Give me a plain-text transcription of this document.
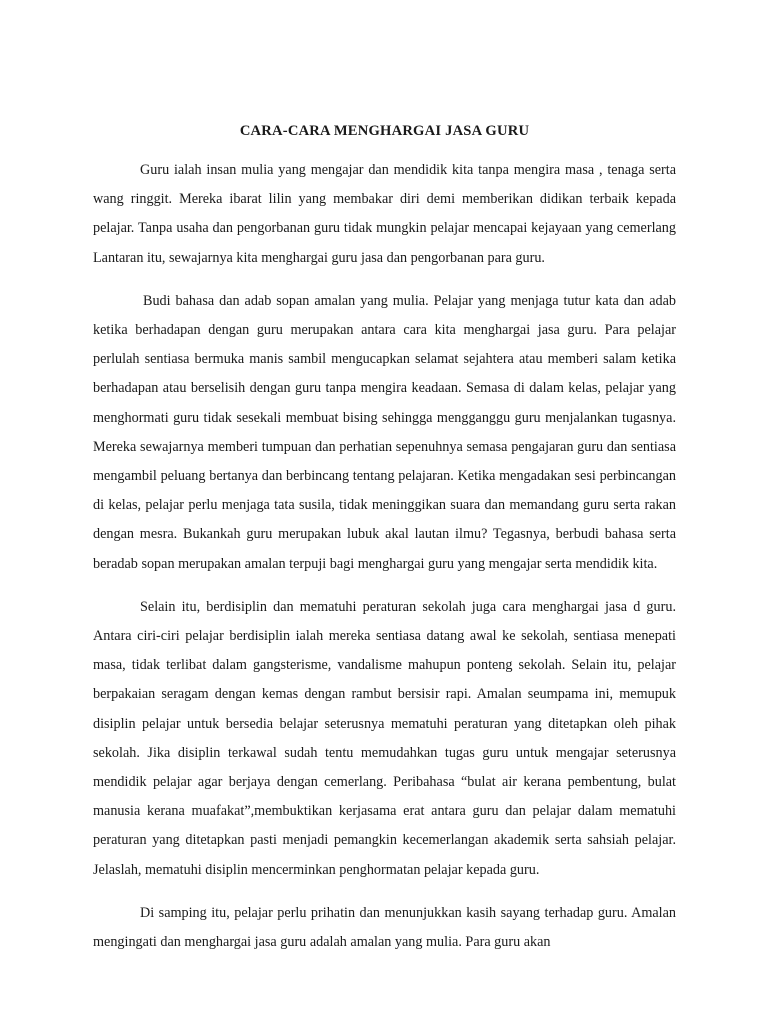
CARA-CARA MENGHARGAI JASA GURU

Guru ialah insan mulia yang mengajar dan mendidik kita tanpa mengira masa , tenaga serta wang ringgit. Mereka ibarat lilin yang membakar diri demi memberikan didikan terbaik kepada pelajar. Tanpa usaha dan pengorbanan guru tidak mungkin pelajar mencapai kejayaan yang cemerlang Lantaran itu, sewajarnya kita menghargai guru jasa dan pengorbanan para guru.

Budi bahasa dan adab sopan amalan yang mulia. Pelajar yang menjaga tutur kata dan adab ketika berhadapan dengan guru merupakan antara cara kita menghargai jasa guru. Para pelajar perlulah sentiasa bermuka manis sambil mengucapkan selamat sejahtera atau memberi salam ketika berhadapan atau berselisih dengan guru tanpa mengira keadaan. Semasa di dalam kelas, pelajar yang menghormati guru tidak sesekali membuat bising sehingga mengganggu guru menjalankan tugasnya. Mereka sewajarnya memberi tumpuan dan perhatian sepenuhnya semasa pengajaran guru dan sentiasa mengambil peluang bertanya dan berbincang tentang pelajaran. Ketika mengadakan sesi perbincangan di kelas, pelajar perlu menjaga tata susila, tidak meninggikan suara dan memandang guru serta rakan dengan mesra. Bukankah guru merupakan lubuk akal lautan ilmu? Tegasnya, berbudi bahasa serta beradab sopan merupakan amalan terpuji bagi menghargai guru yang mengajar serta mendidik kita.

Selain itu, berdisiplin dan mematuhi peraturan sekolah juga cara menghargai jasa d guru. Antara ciri-ciri pelajar berdisiplin ialah mereka sentiasa datang awal ke sekolah, sentiasa menepati masa, tidak terlibat dalam gangsterisme, vandalisme mahupun ponteng sekolah. Selain itu, pelajar berpakaian seragam dengan kemas dengan rambut bersisir rapi. Amalan seumpama ini, memupuk disiplin pelajar untuk bersedia belajar seterusnya mematuhi peraturan yang ditetapkan oleh pihak sekolah. Jika disiplin terkawal sudah tentu memudahkan tugas guru untuk mengajar seterusnya mendidik pelajar agar berjaya dengan cemerlang. Peribahasa “bulat air kerana pembentung, bulat manusia kerana muafakat”,membuktikan kerjasama erat antara guru dan pelajar dalam mematuhi peraturan yang ditetapkan pasti menjadi pemangkin kecemerlangan akademik serta sahsiah pelajar. Jelaslah, mematuhi disiplin mencerminkan penghormatan pelajar kepada guru.

Di samping itu, pelajar perlu prihatin dan menunjukkan kasih sayang terhadap guru. Amalan mengingati dan menghargai jasa guru adalah amalan yang mulia. Para guru akan
